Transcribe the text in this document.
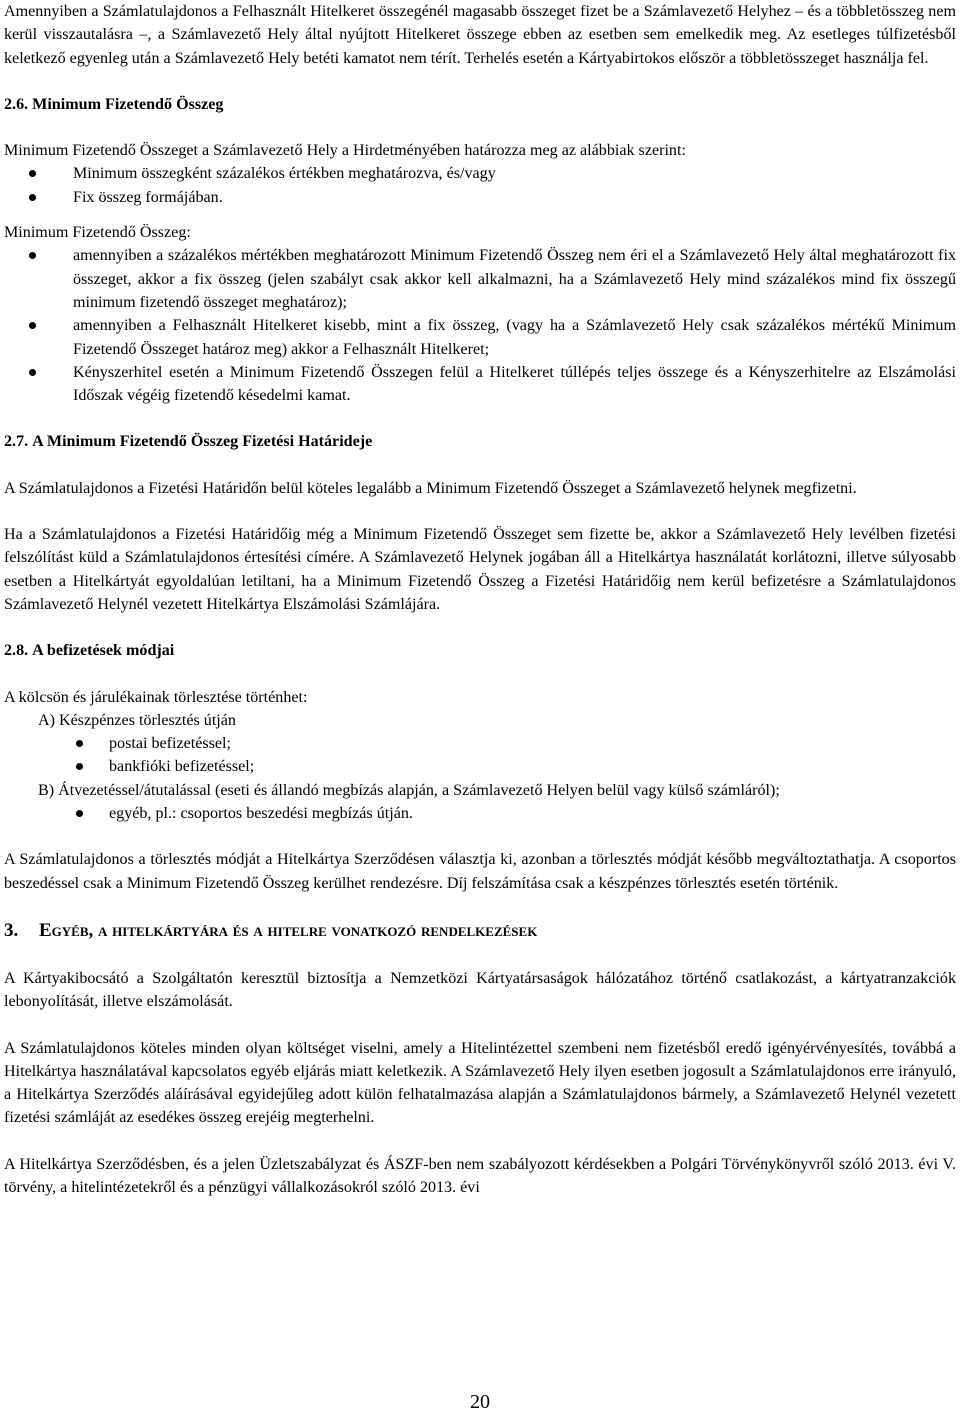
Amennyiben a Számlatulajdonos a Felhasznált Hitelkeret összegénél magasabb összeget fizet be a Számlavezető Helyhez – és a többletösszeg nem kerül visszautalásra –, a Számlavezető Hely által nyújtott Hitelkeret összege ebben az esetben sem emelkedik meg. Az esetleges túlfizetésből keletkező egyenleg után a Számlavezető Hely betéti kamatot nem térít. Terhelés esetén a Kártyabirtokos először a többletösszeget használja fel.

2.6. Minimum Fizetendő Összeg

Minimum Fizetendő Összeget a Számlavezető Hely a Hirdetményében határozza meg az alábbiak szerint:

Minimum összegként százalékos értékben meghatározva, és/vagy
Fix összeg formájában.

Minimum Fizetendő Összeg:

amennyiben a százalékos mértékben meghatározott Minimum Fizetendő Összeg nem éri el a Számlavezető Hely által meghatározott fix összeget, akkor a fix összeg (jelen szabályt csak akkor kell alkalmazni, ha a Számlavezető Hely mind százalékos mind fix összegű minimum fizetendő összeget meghatároz);
amennyiben a Felhasznált Hitelkeret kisebb, mint a fix összeg, (vagy ha a Számlavezető Hely csak százalékos mértékű Minimum Fizetendő Összeget határoz meg) akkor a Felhasznált Hitelkeret;
Kényszerhitel esetén a Minimum Fizetendő Összegen felül a Hitelkeret túllépés teljes összege és a Kényszerhitelre az Elszámolási Időszak végéig fizetendő késedelmi kamat.
2.7. A Minimum Fizetendő Összeg Fizetési Határideje

A Számlatulajdonos a Fizetési Határidőn belül köteles legalább a Minimum Fizetendő Összeget a Számlavezető helynek megfizetni.

Ha a Számlatulajdonos a Fizetési Határidőig még a Minimum Fizetendő Összeget sem fizette be, akkor a Számlavezető Hely levélben fizetési felszólítást küld a Számlatulajdonos értesítési címére. A Számlavezető Helynek jogában áll a Hitelkártya használatát korlátozni, illetve súlyosabb esetben a Hitelkártyát egyoldalúan letiltani, ha a Minimum Fizetendő Összeg a Fizetési Határidőig nem kerül befizetésre a Számlatulajdonos Számlavezető Helynél vezetett Hitelkártya Elszámolási Számlájára.

2.8. A befizetések módjai

A kölcsön és járulékainak törlesztése történhet:

A) Készpénzes törlesztés útján

postai befizetéssel;
bankfióki befizetéssel;

B) Átvezetéssel/átutalással (eseti és állandó megbízás alapján, a Számlavezető Helyen belül vagy külső számláról);

egyéb, pl.: csoportos beszedési megbízás útján.

A Számlatulajdonos a törlesztés módját a Hitelkártya Szerződésen választja ki, azonban a törlesztés módját később megváltoztathatja. A csoportos beszedéssel csak a Minimum Fizetendő Összeg kerülhet rendezésre. Díj felszámítása csak a készpénzes törlesztés esetén történik.

3.	Egyéb, a hitelkártyára és a hitelre vonatkozó rendelkezések

A Kártyakibocsátó a Szolgáltatón keresztül biztosítja a Nemzetközi Kártyatársaságok hálózatához történő csatlakozást, a kártyatranzakciók lebonyolítását, illetve elszámolását.

A Számlatulajdonos köteles minden olyan költséget viselni, amely a Hitelintézettel szembeni nem fizetésből eredő igényérvényesítés, továbbá a Hitelkártya használatával kapcsolatos egyéb eljárás miatt keletkezik. A Számlavezető Hely ilyen esetben jogosult a Számlatulajdonos erre irányuló, a Hitelkártya Szerződés aláírásával egyidejűleg adott külön felhatalmazása alapján a Számlatulajdonos bármely, a Számlavezető Helynél vezetett fizetési számláját az esedékes összeg erejéig megterhelni.

A Hitelkártya Szerződésben, és a jelen Üzletszabályzat és ÁSZF-ben nem szabályozott kérdésekben a Polgári Törvénykönyvről szóló 2013. évi V. törvény, a hitelintézetekről és a pénzügyi vállalkozásokról szóló 2013. évi

20
